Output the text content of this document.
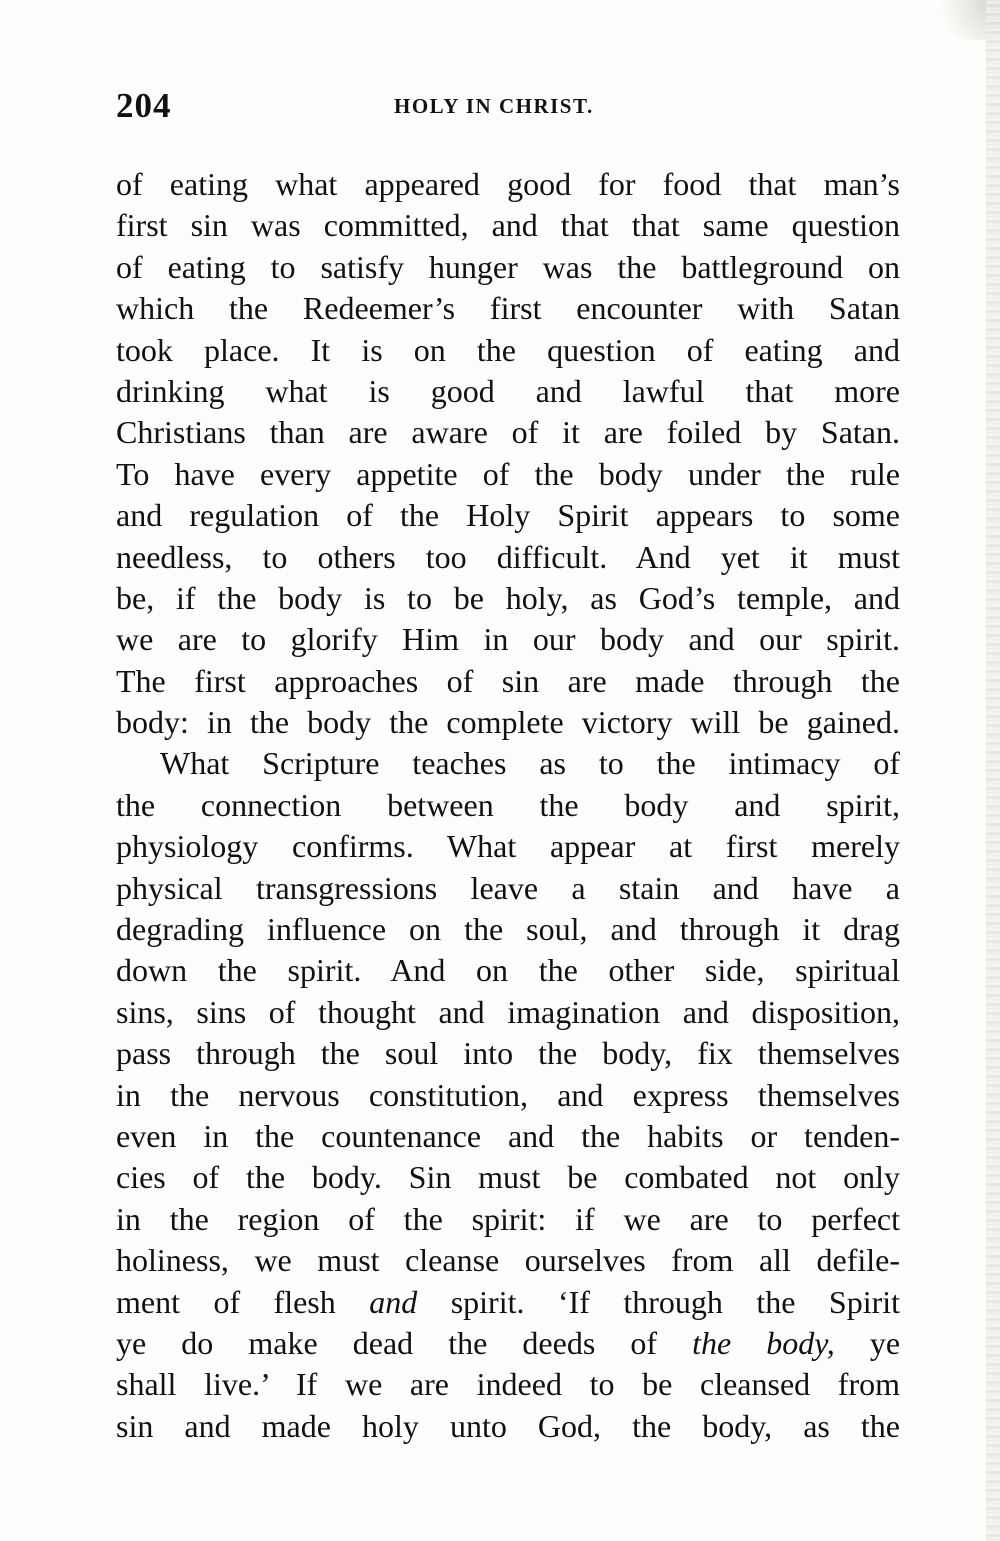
204	HOLY IN CHRIST.
of eating what appeared good for food that man’s
first sin was committed, and that that same question
of eating to satisfy hunger was the battleground on
which the Redeemer’s first encounter with Satan
took place. It is on the question of eating and
drinking what is good and lawful that more
Christians than are aware of it are foiled by Satan.
To have every appetite of the body under the rule
and regulation of the Holy Spirit appears to some
needless, to others too difficult. And yet it must
be, if the body is to be holy, as God’s temple, and
we are to glorify Him in our body and our spirit.
The first approaches of sin are made through the
body: in the body the complete victory will be gained.
What Scripture teaches as to the intimacy of
the connection between the body and spirit,
physiology confirms. What appear at first merely
physical transgressions leave a stain and have a
degrading influence on the soul, and through it drag
down the spirit. And on the other side, spiritual
sins, sins of thought and imagination and disposition,
pass through the soul into the body, fix themselves
in the nervous constitution, and express themselves
even in the countenance and the habits or tenden-
cies of the body. Sin must be combated not only
in the region of the spirit: if we are to perfect
holiness, we must cleanse ourselves from all defile-
ment of flesh and spirit. ‘If through the Spirit
ye do make dead the deeds of the body, ye
shall live.’ If we are indeed to be cleansed from
sin and made holy unto God, the body, as the
